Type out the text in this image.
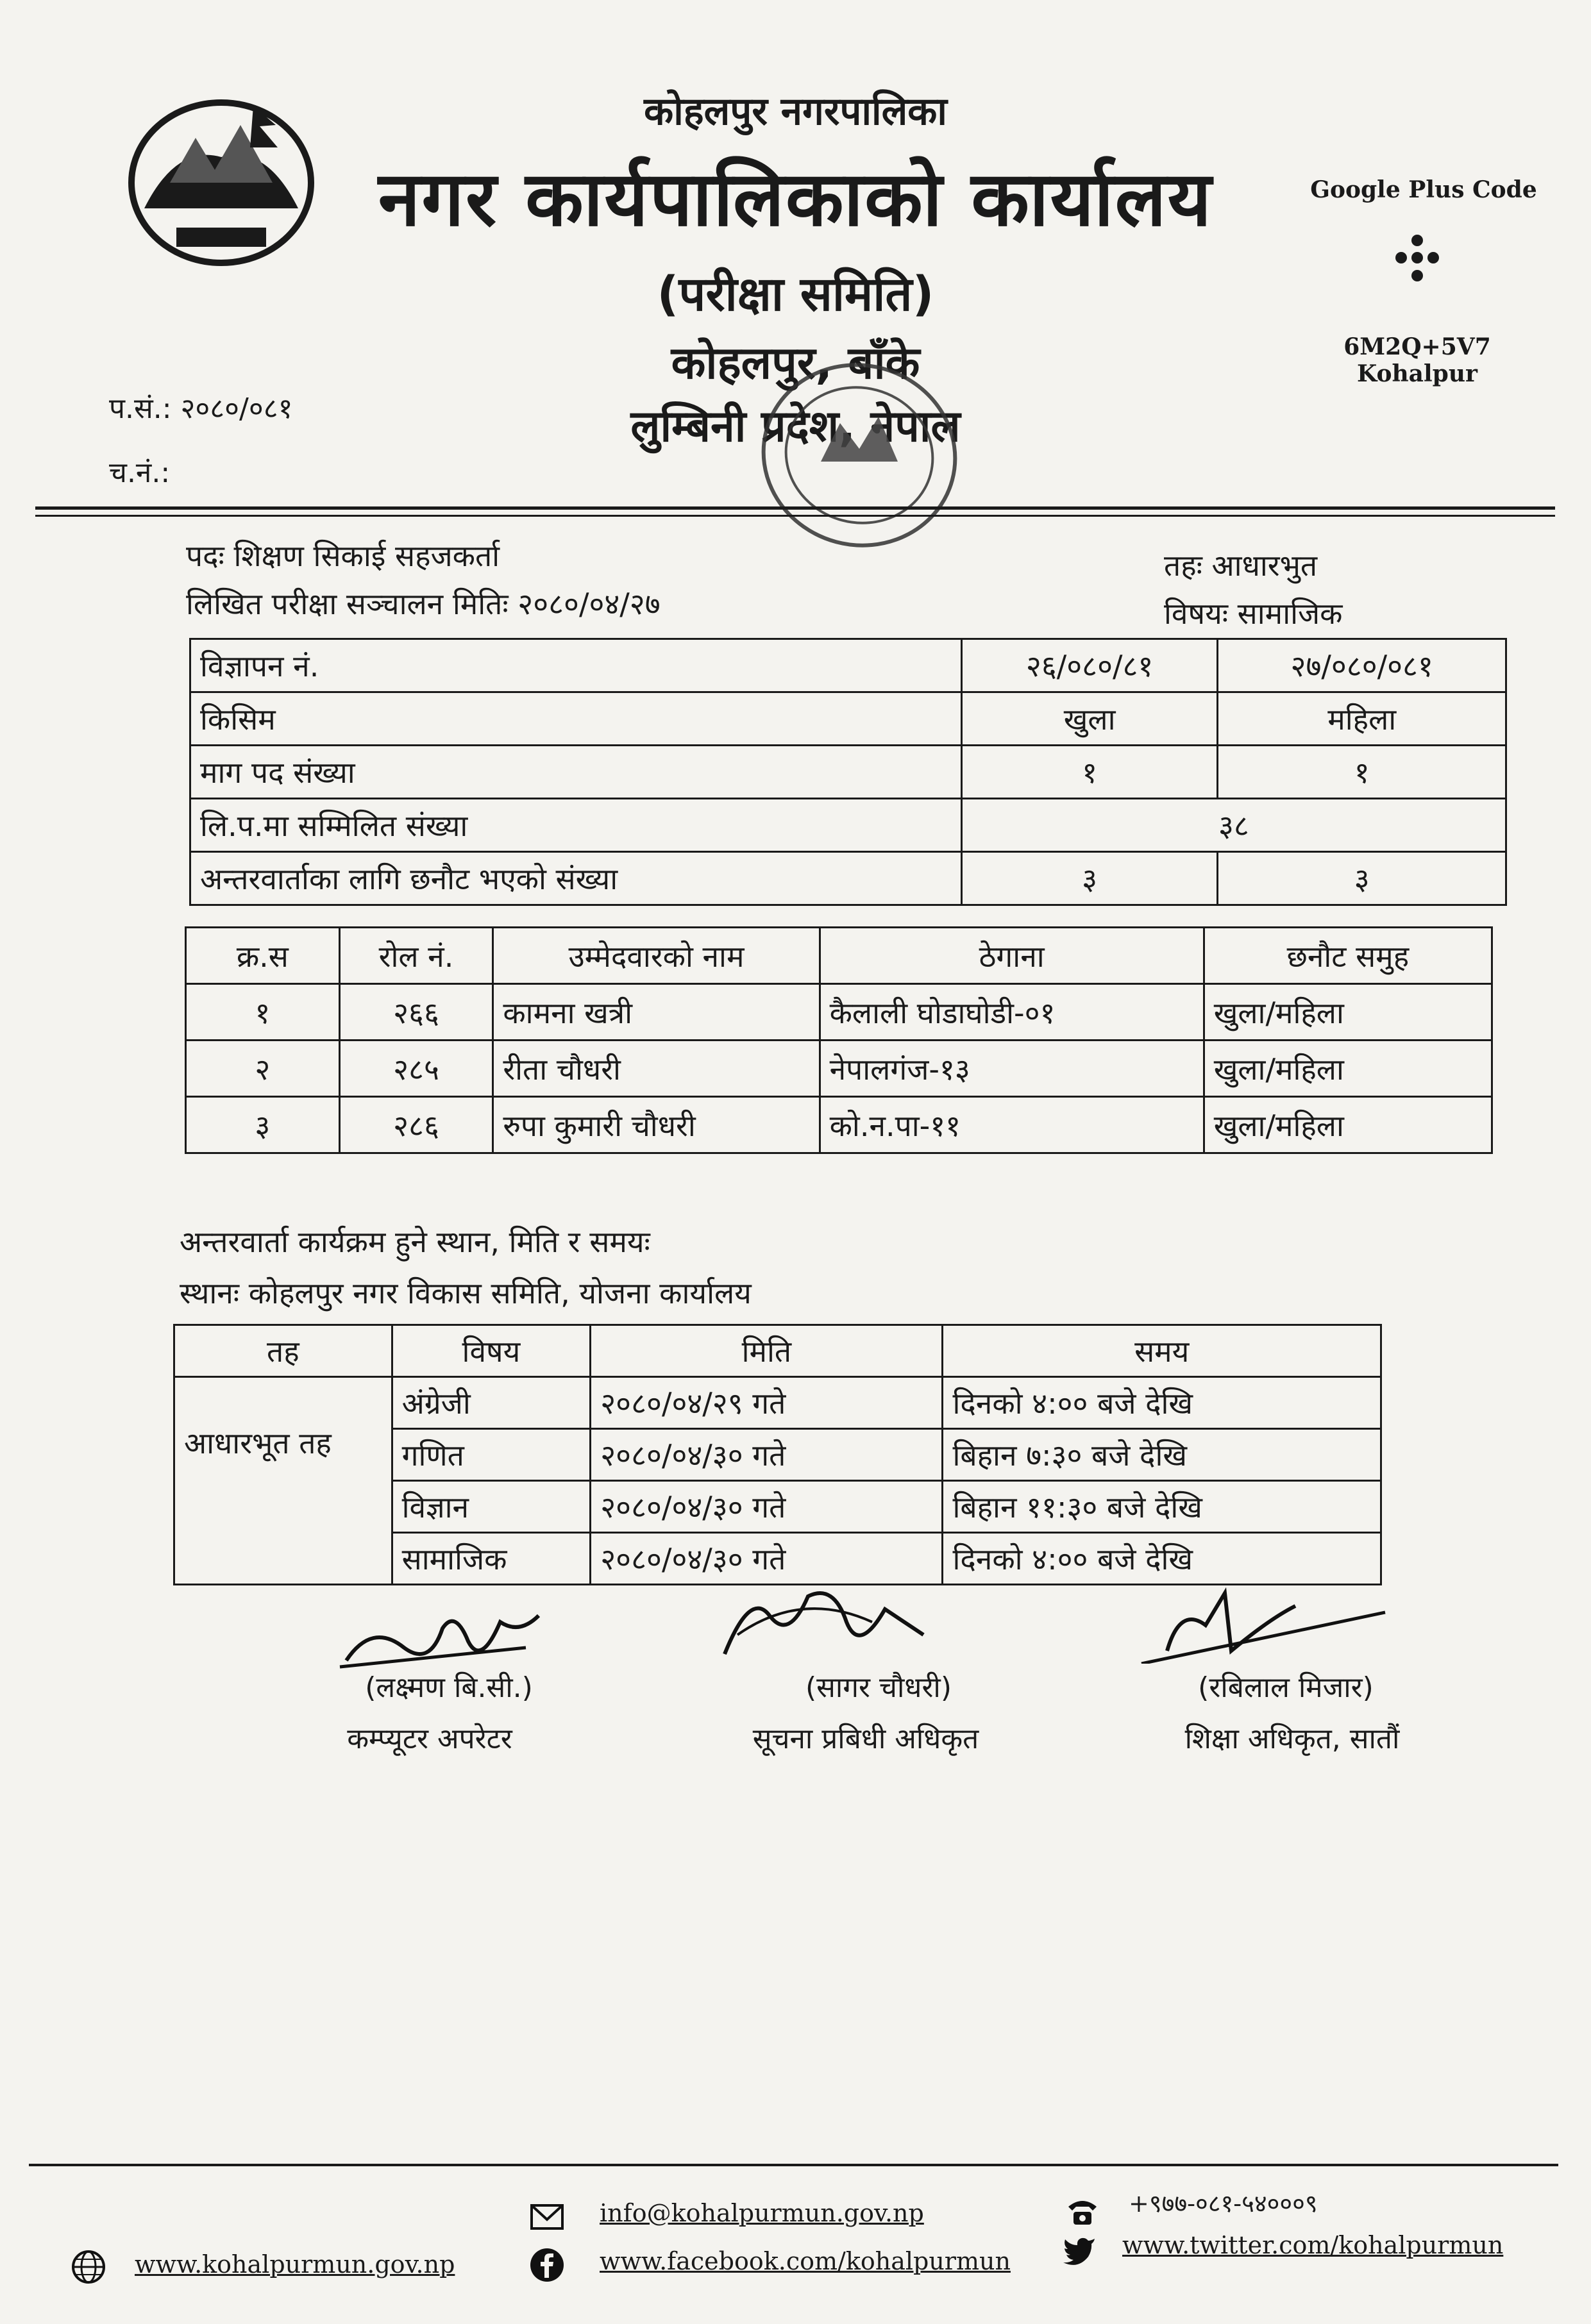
कोहलपुर नगरपालिका
नगर कार्यपालिकाको कार्यालय
(परीक्षा समिति)
कोहलपुर, बाँके
लुम्बिनी प्रदेश, नेपाल
Google Plus Code
6M2Q+5V7 Kohalpur
प.सं.: २०८०/०८१
च.नं.:
पदः शिक्षण सिकाई सहजकर्ता
लिखित परीक्षा सञ्चालन मितिः २०८०/०४/२७
तहः आधारभुत
विषयः सामाजिक
विज्ञापन नं.	२६/०८०/८१	२७/०८०/०८१
किसिम	खुला	महिला
माग पद संख्या	१	१
लि.प.मा सम्मिलित संख्या	३८	
अन्तरवार्ताका लागि छनौट भएको संख्या	३	३
क्र.स	रोल नं.	उम्मेदवारको नाम	ठेगाना	छनौट समुह
१	२६६	कामना खत्री	कैलाली घोडाघोडी-०१	खुला/महिला
२	२८५	रीता चौधरी	नेपालगंज-१३	खुला/महिला
३	२८६	रुपा कुमारी चौधरी	को.न.पा-११	खुला/महिला
अन्तरवार्ता कार्यक्रम हुने स्थान, मिति र समयः
स्थानः कोहलपुर नगर विकास समिति, योजना कार्यालय
तह	विषय	मिति	समय
आधारभूत तह	अंग्रेजी	२०८०/०४/२९ गते	दिनको ४:०० बजे देखि
	गणित	२०८०/०४/३० गते	बिहान ७:३० बजे देखि
	विज्ञान	२०८०/०४/३० गते	बिहान ११:३० बजे देखि
	सामाजिक	२०८०/०४/३० गते	दिनको ४:०० बजे देखि
(लक्ष्मण बि.सी.)
कम्प्यूटर अपरेटर
(सागर चौधरी)
सूचना प्रबिधी अधिकृत
(रबिलाल मिजार)
शिक्षा अधिकृत, सातौं
www.kohalpurmun.gov.np
info@kohalpurmun.gov.np
www.facebook.com/kohalpurmun
+९७७-०८१-५४०००९
www.twitter.com/kohalpurmun
